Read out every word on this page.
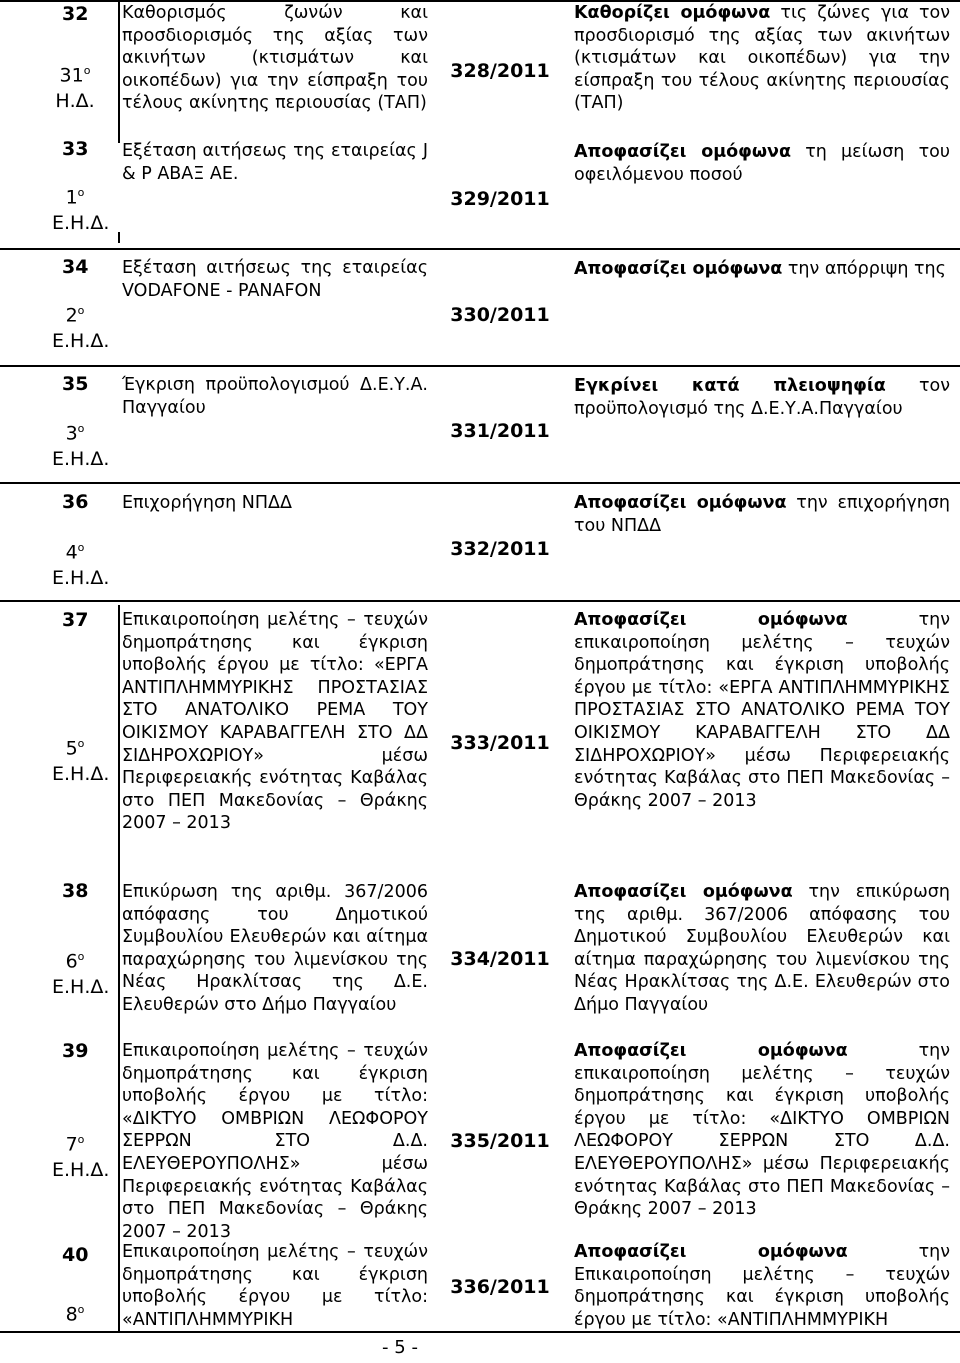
32
$31^o$
Η.Δ.
Καθορισμός ζωνών και προσδιορισμός της αξίας των ακινήτων (κτισμάτων και οικοπέδων) για την είσπραξη του τέλους ακίνητης περιουσίας (ΤΑΠ)
328/2011
Καθορίζει ομόφωνα τις ζώνες για τον προσδιορισμό της αξίας των ακινήτων (κτισμάτων και οικοπέδων) για την είσπραξη του τέλους ακίνητης περιουσίας (ΤΑΠ)
33
$1^o$
Ε.Η.Δ.
Εξέταση αιτήσεως της εταιρείας J & P ΑΒΑΞ ΑΕ.
329/2011
Αποφασίζει ομόφωνα τη μείωση του οφειλόμενου ποσού
34
$2^o$
Ε.Η.Δ.
Εξέταση αιτήσεως της εταιρείας VODAFONE - PANAFON
330/2011
Αποφασίζει ομόφωνα την απόρριψη της
35
$3^o$
Ε.Η.Δ.
Έγκριση προϋπολογισμού Δ.Ε.Υ.Α. Παγγαίου
331/2011
Εγκρίνει κατά πλειοψηφία τον προϋπολογισμό της Δ.Ε.Υ.Α.Παγγαίου
36
$4^o$
Ε.Η.Δ.
Επιχορήγηση ΝΠΔΔ
332/2011
Αποφασίζει ομόφωνα την επιχορήγηση του ΝΠΔΔ
37
$5^o$
Ε.Η.Δ.
Επικαιροποίηση μελέτης – τευχών δημοπράτησης και έγκριση υποβολής έργου με τίτλο: «ΕΡΓΑ ΑΝΤΙΠΛΗΜΜΥΡΙΚΗΣ ΠΡΟΣΤΑΣΙΑΣ ΣΤΟ ΑΝΑΤΟΛΙΚΟ ΡΕΜΑ ΤΟΥ ΟΙΚΙΣΜΟΥ ΚΑΡΑΒΑΓΓΕΛΗ ΣΤΟ ΔΔ ΣΙΔΗΡΟΧΩΡΙΟΥ» μέσω Περιφερειακής ενότητας Καβάλας στο ΠΕΠ Μακεδονίας – Θράκης 2007 – 2013
333/2011
Αποφασίζει ομόφωνα την επικαιροποίηση μελέτης – τευχών δημοπράτησης και έγκριση υποβολής έργου με τίτλο: «ΕΡΓΑ ΑΝΤΙΠΛΗΜΜΥΡΙΚΗΣ ΠΡΟΣΤΑΣΙΑΣ ΣΤΟ ΑΝΑΤΟΛΙΚΟ ΡΕΜΑ ΤΟΥ ΟΙΚΙΣΜΟΥ ΚΑΡΑΒΑΓΓΕΛΗ ΣΤΟ ΔΔ ΣΙΔΗΡΟΧΩΡΙΟΥ» μέσω Περιφερειακής ενότητας Καβάλας στο ΠΕΠ Μακεδονίας – Θράκης 2007 – 2013
38
$6^o$
Ε.Η.Δ.
Επικύρωση της αριθμ. 367/2006 απόφασης του Δημοτικού Συμβουλίου Ελευθερών και αίτημα παραχώρησης του λιμενίσκου της Νέας Ηρακλίτσας της Δ.Ε. Ελευθερών στο Δήμο Παγγαίου
334/2011
Αποφασίζει ομόφωνα την επικύρωση της αριθμ. 367/2006 απόφασης του Δημοτικού Συμβουλίου Ελευθερών και αίτημα παραχώρησης του λιμενίσκου της Νέας Ηρακλίτσας της Δ.Ε. Ελευθερών στο Δήμο Παγγαίου
39
$7^o$
Ε.Η.Δ.
Επικαιροποίηση μελέτης – τευχών δημοπράτησης και έγκριση υποβολής έργου με τίτλο: «ΔΙΚΤΥΟ ΟΜΒΡΙΩΝ ΛΕΩΦΟΡΟΥ ΣΕΡΡΩΝ ΣΤΟ Δ.Δ. ΕΛΕΥΘΕΡΟΥΠΟΛΗΣ» μέσω Περιφερειακής ενότητας Καβάλας στο ΠΕΠ Μακεδονίας – Θράκης 2007 – 2013
335/2011
Αποφασίζει ομόφωνα την επικαιροποίηση μελέτης – τευχών δημοπράτησης και έγκριση υποβολής έργου με τίτλο: «ΔΙΚΤΥΟ ΟΜΒΡΙΩΝ ΛΕΩΦΟΡΟΥ ΣΕΡΡΩΝ ΣΤΟ Δ.Δ. ΕΛΕΥΘΕΡΟΥΠΟΛΗΣ» μέσω Περιφερειακής ενότητας Καβάλας στο ΠΕΠ Μακεδονίας – Θράκης 2007 – 2013
40
$8^o$
Επικαιροποίηση μελέτης – τευχών δημοπράτησης και έγκριση υποβολής έργου με τίτλο: «ΑΝΤΙΠΛΗΜΜΥΡΙΚΗ
336/2011
Αποφασίζει ομόφωνα την Επικαιροποίηση μελέτης – τευχών δημοπράτησης και έγκριση υποβολής έργου με τίτλο: «ΑΝΤΙΠΛΗΜΜΥΡΙΚΗ
- 5 -
